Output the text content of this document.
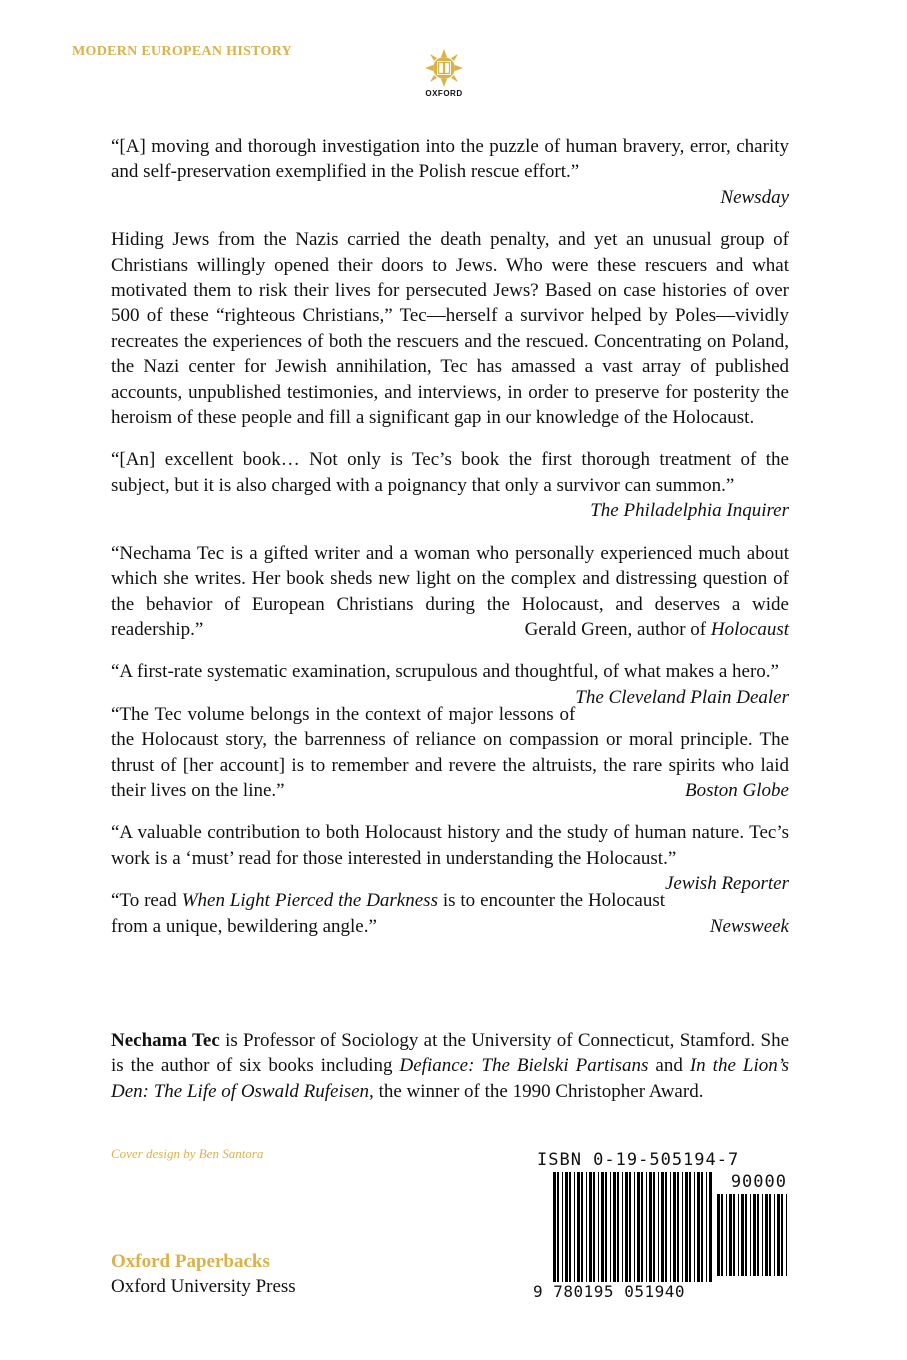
MODERN EUROPEAN HISTORY
OXFORD

“[A] moving and thorough investigation into the puzzle of human bravery, error, charity and self-preservation exemplified in the Polish rescue effort.”

Newsday

Hiding Jews from the Nazis carried the death penalty, and yet an unusual group of Christians willingly opened their doors to Jews. Who were these rescuers and what motivated them to risk their lives for persecuted Jews? Based on case histories of over 500 of these “righteous Christians,” Tec—herself a survivor helped by Poles—vividly recreates the experiences of both the rescuers and the rescued. Concentrating on Poland, the Nazi center for Jewish annihilation, Tec has amassed a vast array of published accounts, unpublished testimonies, and interviews, in order to preserve for posterity the heroism of these people and fill a significant gap in our knowledge of the Holocaust.

“[An] excellent book… Not only is Tec’s book the first thorough treatment of the subject, but it is also charged with a poignancy that only a survivor can summon.”

The Philadelphia Inquirer

“Nechama Tec is a gifted writer and a woman who personally experienced much about which she writes. Her book sheds new light on the complex and distressing question of the behavior of European Christians during the Holocaust, and deserves a wide readership.”	Gerald Green, author of Holocaust

“A first-rate systematic examination, scrupulous and thoughtful, of what makes a hero.”
The Cleveland Plain Dealer

“The Tec volume belongs in the context of major lessons of the Holocaust story, the barrenness of reliance on compassion or moral principle. The thrust of [her account] is to remember and revere the altruists, the rare spirits who laid their lives on the line.”	Boston Globe

“A valuable contribution to both Holocaust history and the study of human nature. Tec’s work is a ‘must’ read for those interested in understanding the Holocaust.”
Jewish Reporter

“To read When Light Pierced the Darkness is to encounter the Holocaust from a unique, bewildering angle.”	Newsweek

Nechama Tec is Professor of Sociology at the University of Connecticut, Stamford. She is the author of six books including Defiance: The Bielski Partisans and In the Lion’s Den: The Life of Oswald Rufeisen, the winner of the 1990 Christopher Award.
Cover design by Ben Santora
Oxford Paperbacks
Oxford University Press
ISBN 0-19-505194-7
90000
9 780195 051940
